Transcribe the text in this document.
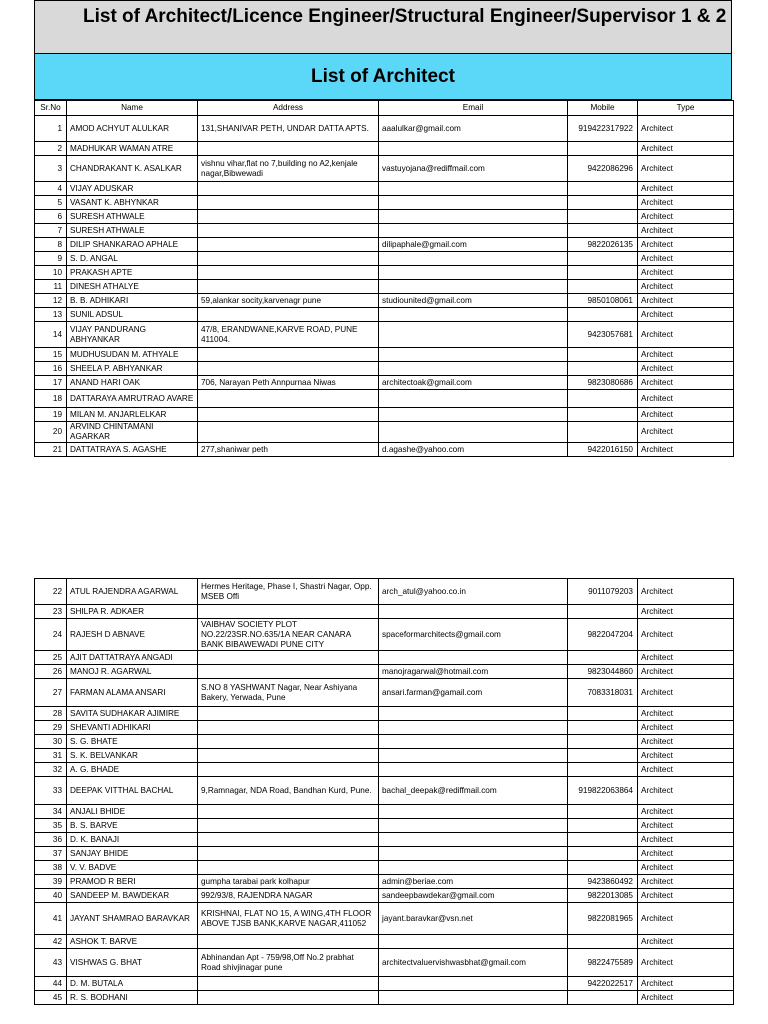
List of Architect/Licence Engineer/Structural Engineer/Supervisor 1 & 2
List of Architect
Sr.No	Name	Address	Email	Mobile	Type
1	AMOD ACHYUT ALULKAR	131,SHANIVAR PETH, UNDAR DATTA APTS.	aaalulkar@gmail.com	919422317922	Architect
2	MADHUKAR WAMAN ATRE				Architect
3	CHANDRAKANT K. ASALKAR	vishnu vihar,flat no 7,building no A2,kenjale nagar,Bibwewadi	vastuyojana@rediffmail.com	9422086296	Architect
4	VIJAY ADUSKAR				Architect
5	VASANT K. ABHYNKAR				Architect
6	SURESH ATHWALE				Architect
7	SURESH ATHWALE				Architect
8	DILIP SHANKARAO APHALE		dilipaphale@gmail.com	9822026135	Architect
9	S. D. ANGAL				Architect
10	PRAKASH APTE				Architect
11	DINESH ATHALYE				Architect
12	B. B. ADHIKARI	59,alankar socity,karvenagr pune	studiounited@gmail.com	9850108061	Architect
13	SUNIL ADSUL				Architect
14	VIJAY PANDURANG ABHYANKAR	47/8, ERANDWANE,KARVE ROAD, PUNE 411004.		9423057681	Architect
15	MUDHUSUDAN M. ATHYALE				Architect
16	SHEELA P. ABHYANKAR				Architect
17	ANAND HARI OAK	706, Narayan Peth Annpurnaa Niwas	architectoak@gmail.com	9823080686	Architect
18	DATTARAYA AMRUTRAO AVARE				Architect
19	MILAN M. ANJARLELKAR				Architect
20	ARVIND CHINTAMANI AGARKAR				Architect
21	DATTATRAYA S. AGASHE	277,shaniwar peth	d.agashe@yahoo.com	9422016150	Architect
22	ATUL RAJENDRA AGARWAL	Hermes Heritage, Phase I, Shastri Nagar, Opp. MSEB Offi	arch_atul@yahoo.co.in	9011079203	Architect
23	SHILPA R. ADKAER				Architect
24	RAJESH D ABNAVE	VAIBHAV SOCIETY PLOT NO.22/23SR.NO.635/1A NEAR CANARA BANK BIBAWEWADI PUNE CITY	spaceformarchitects@gmail.com	9822047204	Architect
25	AJIT DATTATRAYA ANGADI				Architect
26	MANOJ R. AGARWAL		manojragarwal@hotmail.com	9823044860	Architect
27	FARMAN ALAMA ANSARI	S.NO 8 YASHWANT Nagar, Near Ashiyana Bakery, Yerwada, Pune	ansari.farman@gamail.com	7083318031	Architect
28	SAVITA SUDHAKAR AJIMIRE				Architect
29	SHEVANTI ADHIKARI				Architect
30	S. G. BHATE				Architect
31	S. K. BELVANKAR				Architect
32	A. G. BHADE				Architect
33	DEEPAK VITTHAL BACHAL	9,Ramnagar, NDA Road, Bandhan Kurd, Pune.	bachal_deepak@rediffmail.com	919822063864	Architect
34	ANJALI BHIDE				Architect
35	B. S. BARVE				Architect
36	D. K. BANAJI				Architect
37	SANJAY BHIDE				Architect
38	V. V. BADVE				Architect
39	PRAMOD R BERI	gumpha tarabai park kolhapur	admin@beriae.com	9423860492	Architect
40	SANDEEP M. BAWDEKAR	992/93/8, RAJENDRA NAGAR	sandeepbawdekar@gmail.com	9822013085	Architect
41	JAYANT SHAMRAO BARAVKAR	KRISHNAI, FLAT NO 15, A WING,4TH FLOOR ABOVE TJSB BANK,KARVE NAGAR,411052	jayant.baravkar@vsn.net	9822081965	Architect
42	ASHOK T. BARVE				Architect
43	VISHWAS G. BHAT	Abhinandan Apt - 759/98,Off No.2 prabhat Road shivjinagar pune	architectvaluervishwasbhat@gmail.com	9822475589	Architect
44	D. M. BUTALA			9422022517	Architect
45	R. S. BODHANI				Architect
